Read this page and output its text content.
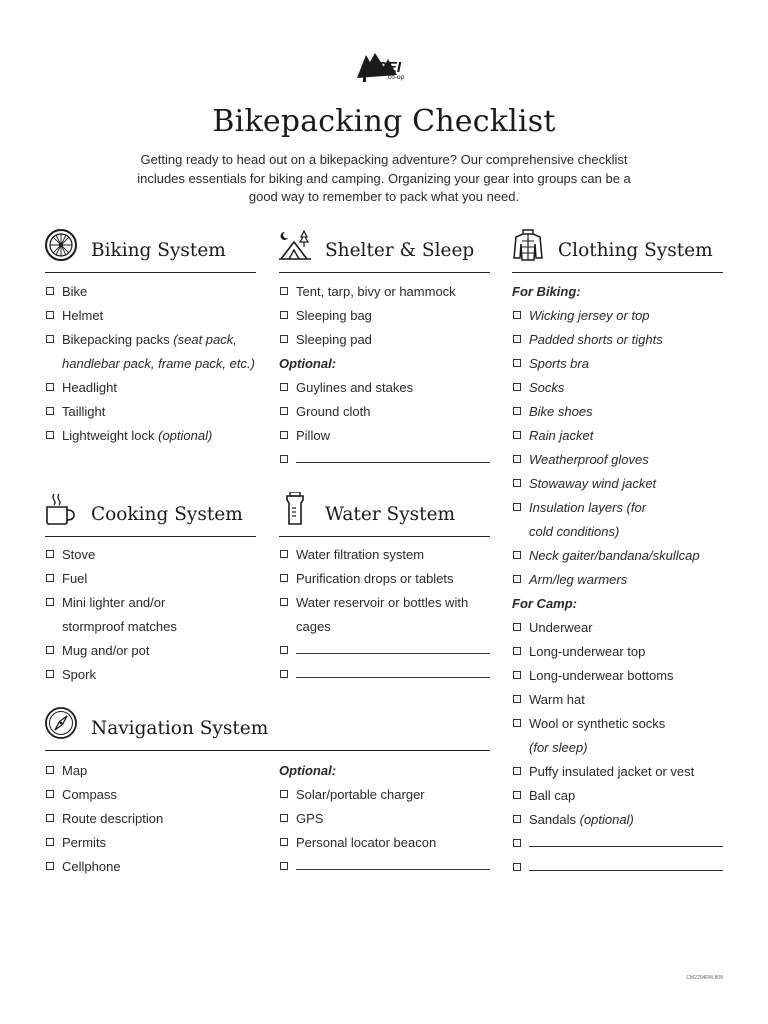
REI
co-op
Bikepacking Checklist
Getting ready to head out on a bikepacking adventure? Our comprehensive checklist includes essentials for biking and camping. Organizing your gear into groups can be a good way to remember to pack what you need.
Biking System
Bike
Helmet
Bikepacking packs (seat pack, handlebar pack, frame pack, etc.)
Headlight
Taillight
Lightweight lock (optional)
Shelter & Sleep
Tent, tarp, bivy or hammock
Sleeping bag
Sleeping pad
Optional:
Guylines and stakes
Ground cloth
Pillow
Clothing System
For Biking:
Wicking jersey or top
Padded shorts or tights
Sports bra
Socks
Bike shoes
Rain jacket
Weatherproof gloves
Stowaway wind jacket
Insulation layers (for cold conditions)
Neck gaiter/bandana/skullcap
Arm/leg warmers
For Camp:
Underwear
Long-underwear top
Long-underwear bottoms
Warm hat
Wool or synthetic socks
(for sleep)
Puffy insulated jacket or vest
Ball cap
Sandals (optional)
Cooking System
Stove
Fuel
Mini lighter and/or stormproof matches
Mug and/or pot
Spork
Water System
Water filtration system
Purification drops or tablets
Water reservoir or bottles with cages
Navigation System
Map
Compass
Route description
Permits
Cellphone
Optional:
Solar/portable charger
GPS
Personal locator beacon
CM2204RW.808
